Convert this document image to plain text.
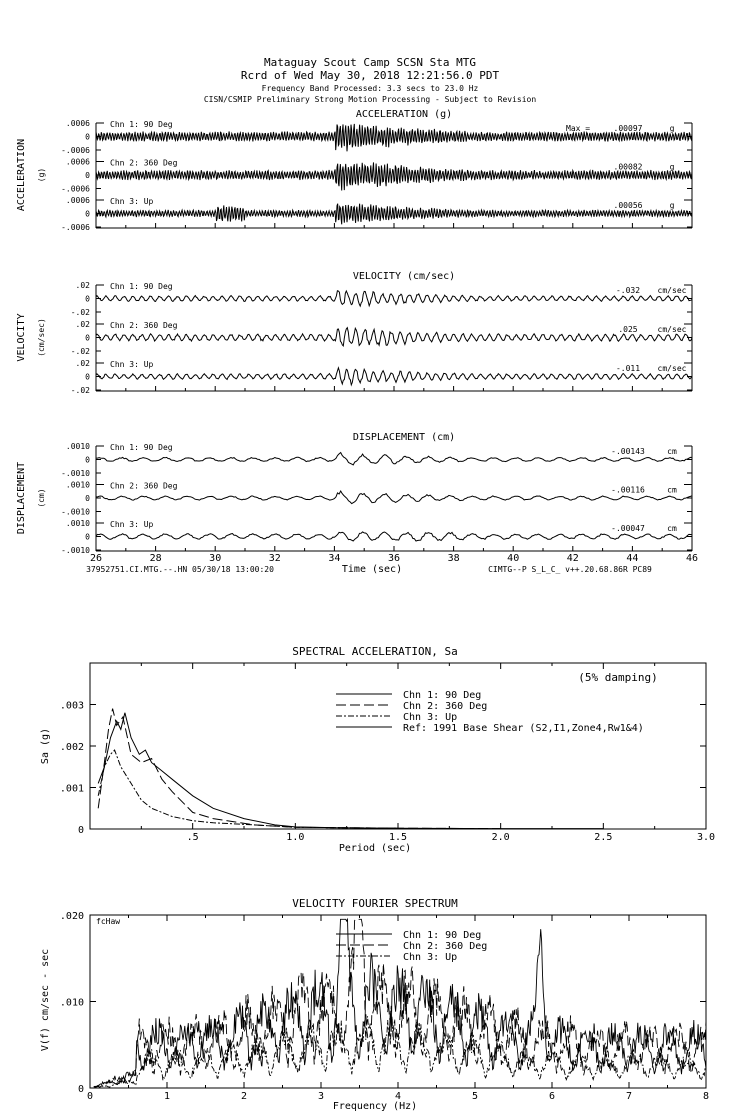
Mataguay Scout Camp SCSN Sta MTG
Rcrd of Wed May 30, 2018 12:21:56.0 PDT
Frequency Band Processed: 3.3 secs to 23.0 Hz
CISN/CSMIP Preliminary Strong Motion Processing - Subject to Revision
ACCELERATION (g)
ACCELERATION (g)
.0006
0
-.0006
Chn 1: 90 Deg	Max =	.00097	g
.0006
0
-.0006
Chn 2: 360 Deg	.00082	g
.0006
0
-.0006
Chn 3: Up	.00056	g
VELOCITY (cm/sec)
VELOCITY (cm/sec)
.02
0
-.02
Chn 1: 90 Deg	-.032 cm/sec
.02
0
-.02
Chn 2: 360 Deg	.025 cm/sec
.02
0
-.02
Chn 3: Up	-.011 cm/sec
DISPLACEMENT (cm)
DISPLACEMENT (cm)
.0010
0
-.0010
Chn 1: 90 Deg	-.00143	cm
.0010
0
-.0010
Chn 2: 360 Deg	-.00116	cm
.0010
0
-.0010
Chn 3: Up	-.00047	cm
26	28	30	32	34	36	38	40	42	44	46
Time (sec)
37952751.CI.MTG.--.HN 05/30/18 13:00:20	CIMTG--P S_L_C_ v++.20.68.86R PC89
SPECTRAL ACCELERATION, Sa
(5% damping)
.5	1.0	1.5	2.0	2.5	3.0
.003
.002
.001
0
Period (sec)
Sa (g)
Chn 1: 90 Deg
Chn 2: 360 Deg
Chn 3: Up
Ref: 1991 Base Shear (S2,I1,Zone4,Rw1&4)
VELOCITY FOURIER SPECTRUM
fcHaw
0	1	2	3	4	5	6	7	8
.020
.010
0
Frequency (Hz)
V(f) cm/sec - sec
Chn 1: 90 Deg
Chn 2: 360 Deg
Chn 3: Up
